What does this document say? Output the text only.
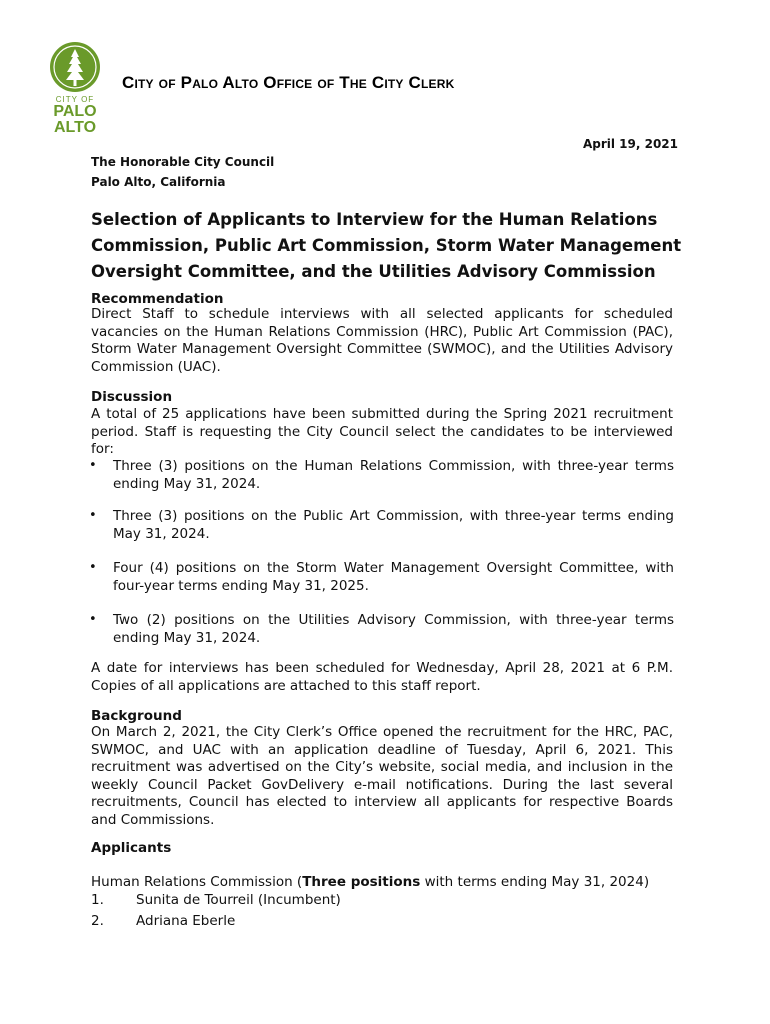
CITY OF
PALO
ALTO
City of Palo Alto Office of The City Clerk
April 19, 2021
The Honorable City Council
Palo Alto, California
Selection of Applicants to Interview for the Human Relations Commission, Public Art Commission, Storm Water Management Oversight Committee, and the Utilities Advisory Commission
Recommendation

Direct Staff to schedule interviews with all selected applicants for scheduled vacancies on the Human Relations Commission (HRC), Public Art Commission (PAC), Storm Water Management Oversight Committee (SWMOC), and the Utilities Advisory Commission (UAC).

Discussion

A total of 25 applications have been submitted during the Spring 2021 recruitment period. Staff is requesting the City Council select the candidates to be interviewed for:

• Three (3) positions on the Human Relations Commission, with three-year terms ending May 31, 2024.

• Three (3) positions on the Public Art Commission, with three-year terms ending May 31, 2024.

• Four (4) positions on the Storm Water Management Oversight Committee, with four-year terms ending May 31, 2025.

• Two (2) positions on the Utilities Advisory Commission, with three-year terms ending May 31, 2024.

A date for interviews has been scheduled for Wednesday, April 28, 2021 at 6 P.M. Copies of all applications are attached to this staff report.

Background

On March 2, 2021, the City Clerk’s Office opened the recruitment for the HRC, PAC, SWMOC, and UAC with an application deadline of Tuesday, April 6, 2021. This recruitment was advertised on the City’s website, social media, and inclusion in the weekly Council Packet GovDelivery e-mail notifications. During the last several recruitments, Council has elected to interview all applicants for respective Boards and Commissions.

Applicants
Human Relations Commission (Three positions with terms ending May 31, 2024)
1. Sunita de Tourreil (Incumbent)
2. Adriana Eberle
